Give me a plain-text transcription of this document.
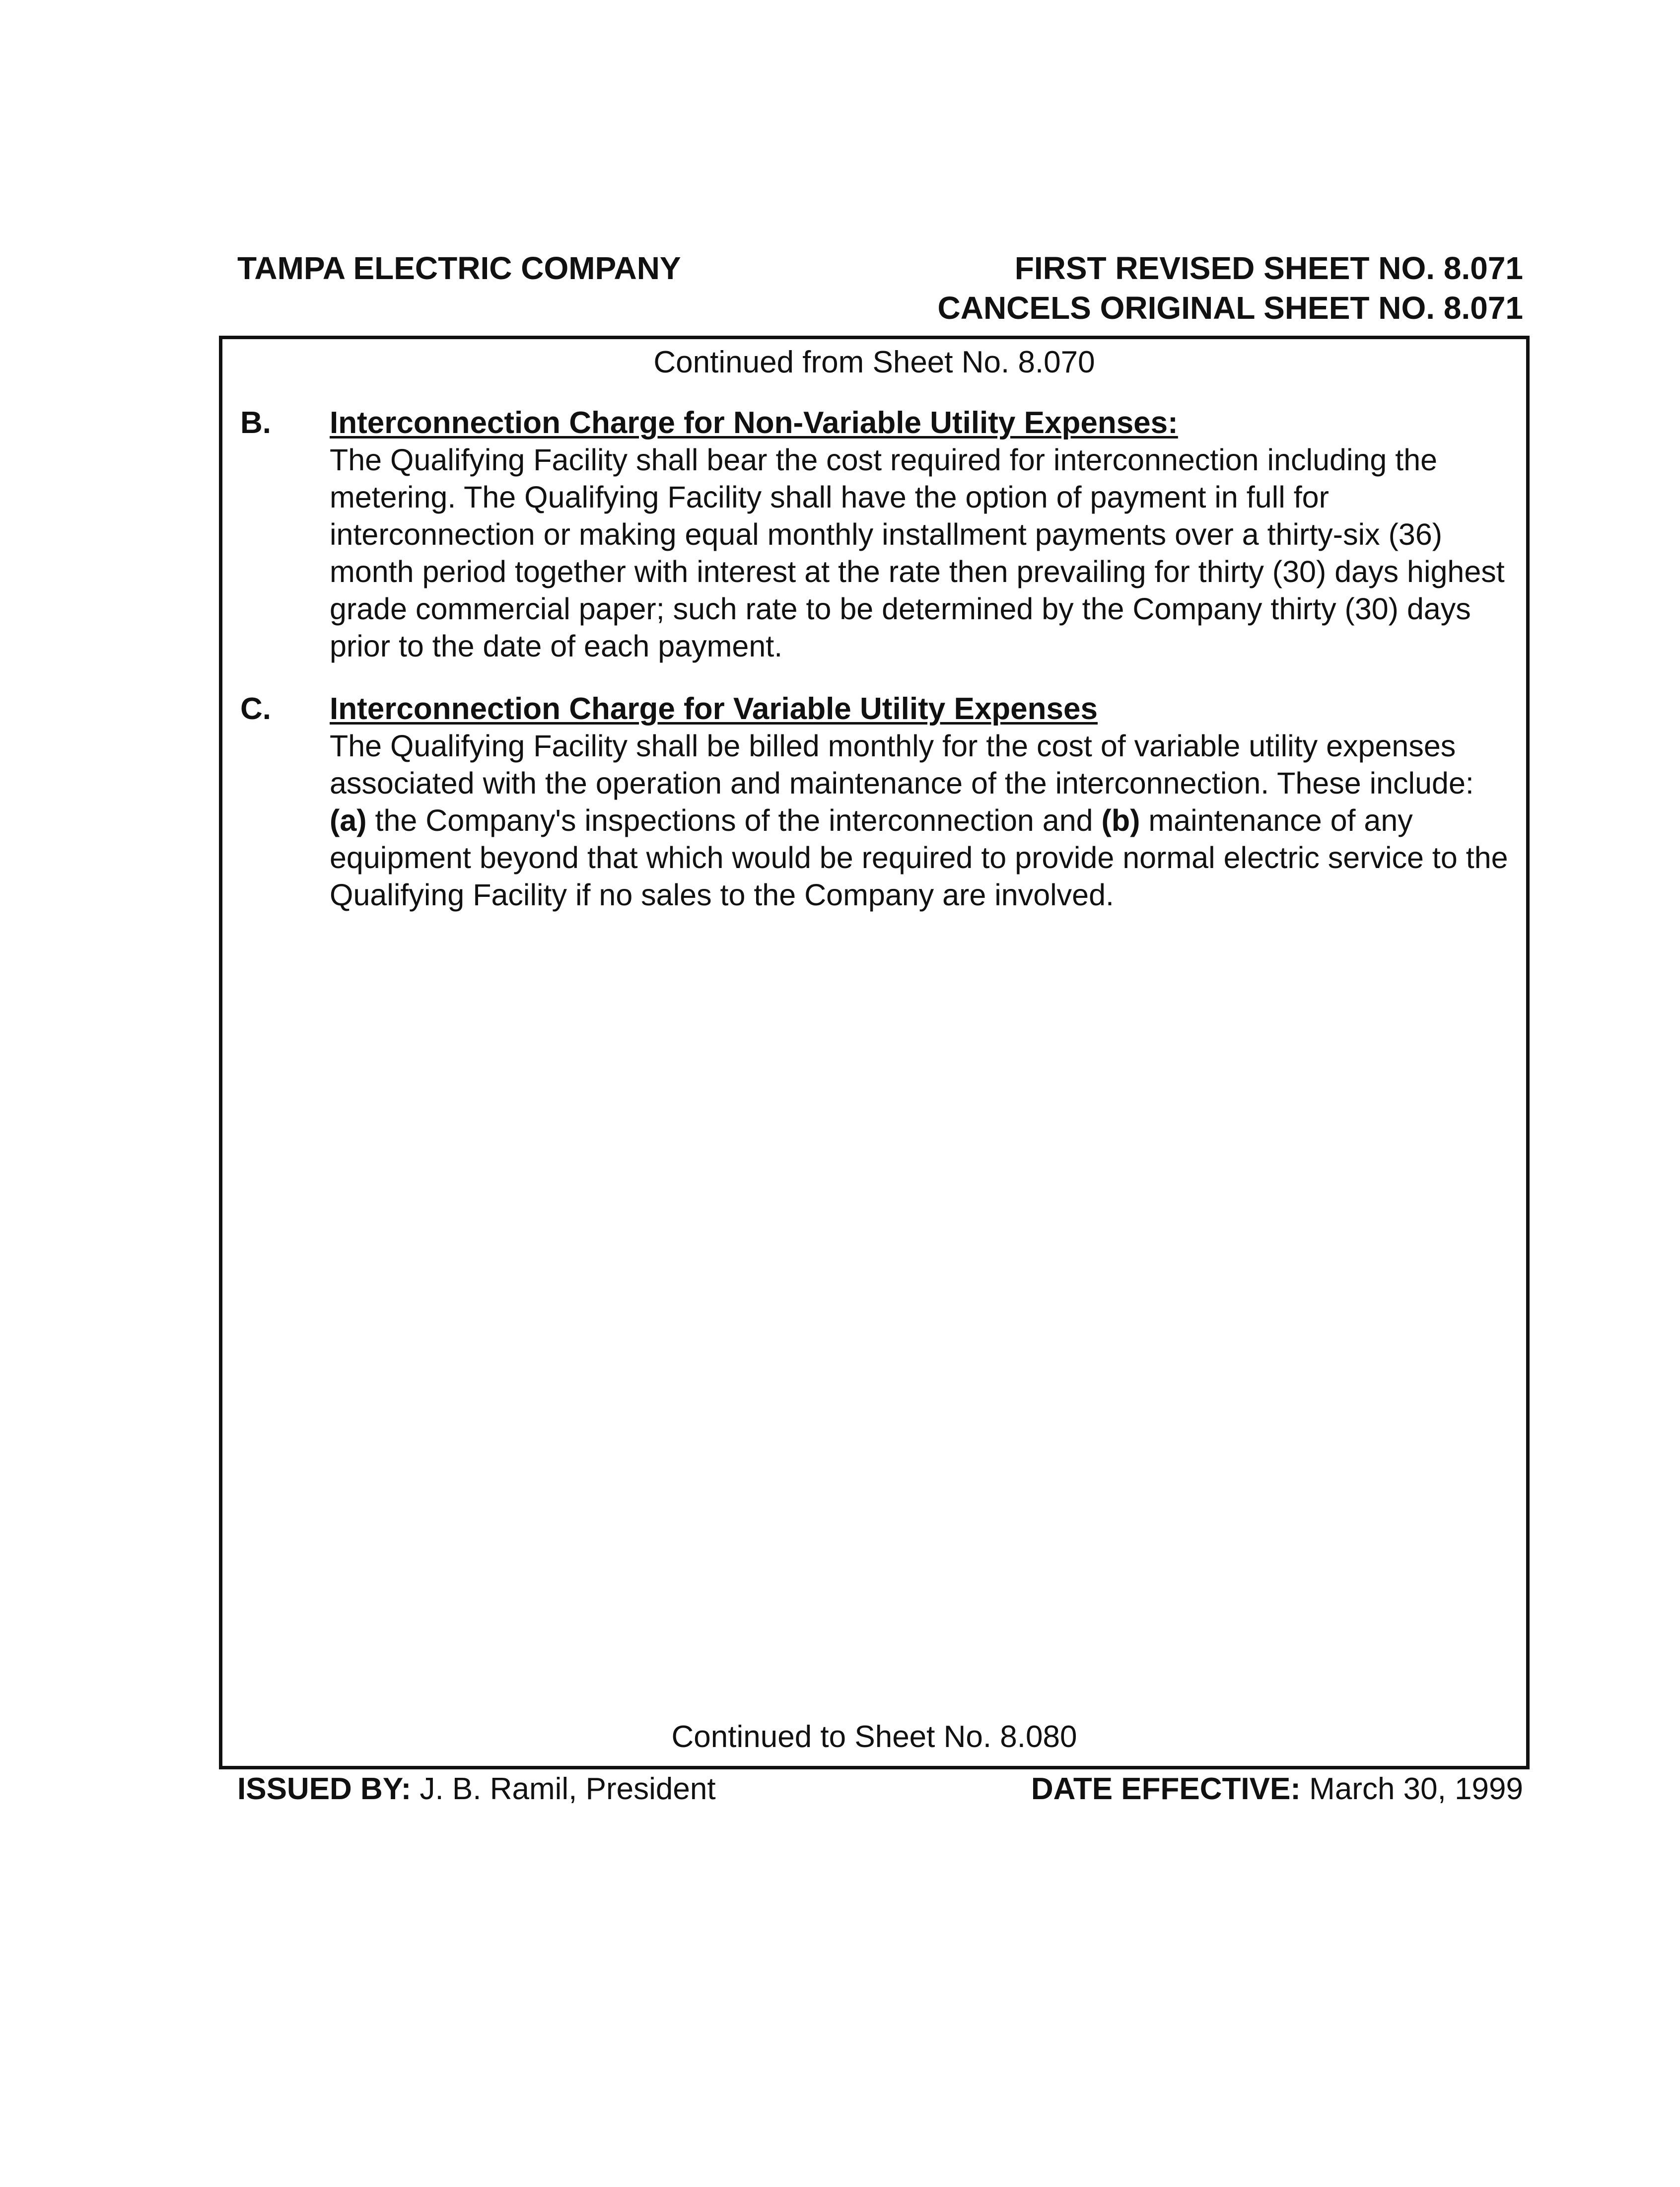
TAMPA ELECTRIC COMPANY	FIRST REVISED SHEET NO. 8.071
CANCELS ORIGINAL SHEET NO. 8.071
Continued from Sheet No. 8.070
B. Interconnection Charge for Non-Variable Utility Expenses:
The Qualifying Facility shall bear the cost required for interconnection including the
metering. The Qualifying Facility shall have the option of payment in full for
interconnection or making equal monthly installment payments over a thirty-six (36)
month period together with interest at the rate then prevailing for thirty (30) days highest
grade commercial paper; such rate to be determined by the Company thirty (30) days
prior to the date of each payment.
C. Interconnection Charge for Variable Utility Expenses
The Qualifying Facility shall be billed monthly for the cost of variable utility expenses
associated with the operation and maintenance of the interconnection. These include:
(a) the Company's inspections of the interconnection and (b) maintenance of any
equipment beyond that which would be required to provide normal electric service to the
Qualifying Facility if no sales to the Company are involved.
Continued to Sheet No. 8.080
ISSUED BY: J. B. Ramil, President	DATE EFFECTIVE: March 30, 1999
